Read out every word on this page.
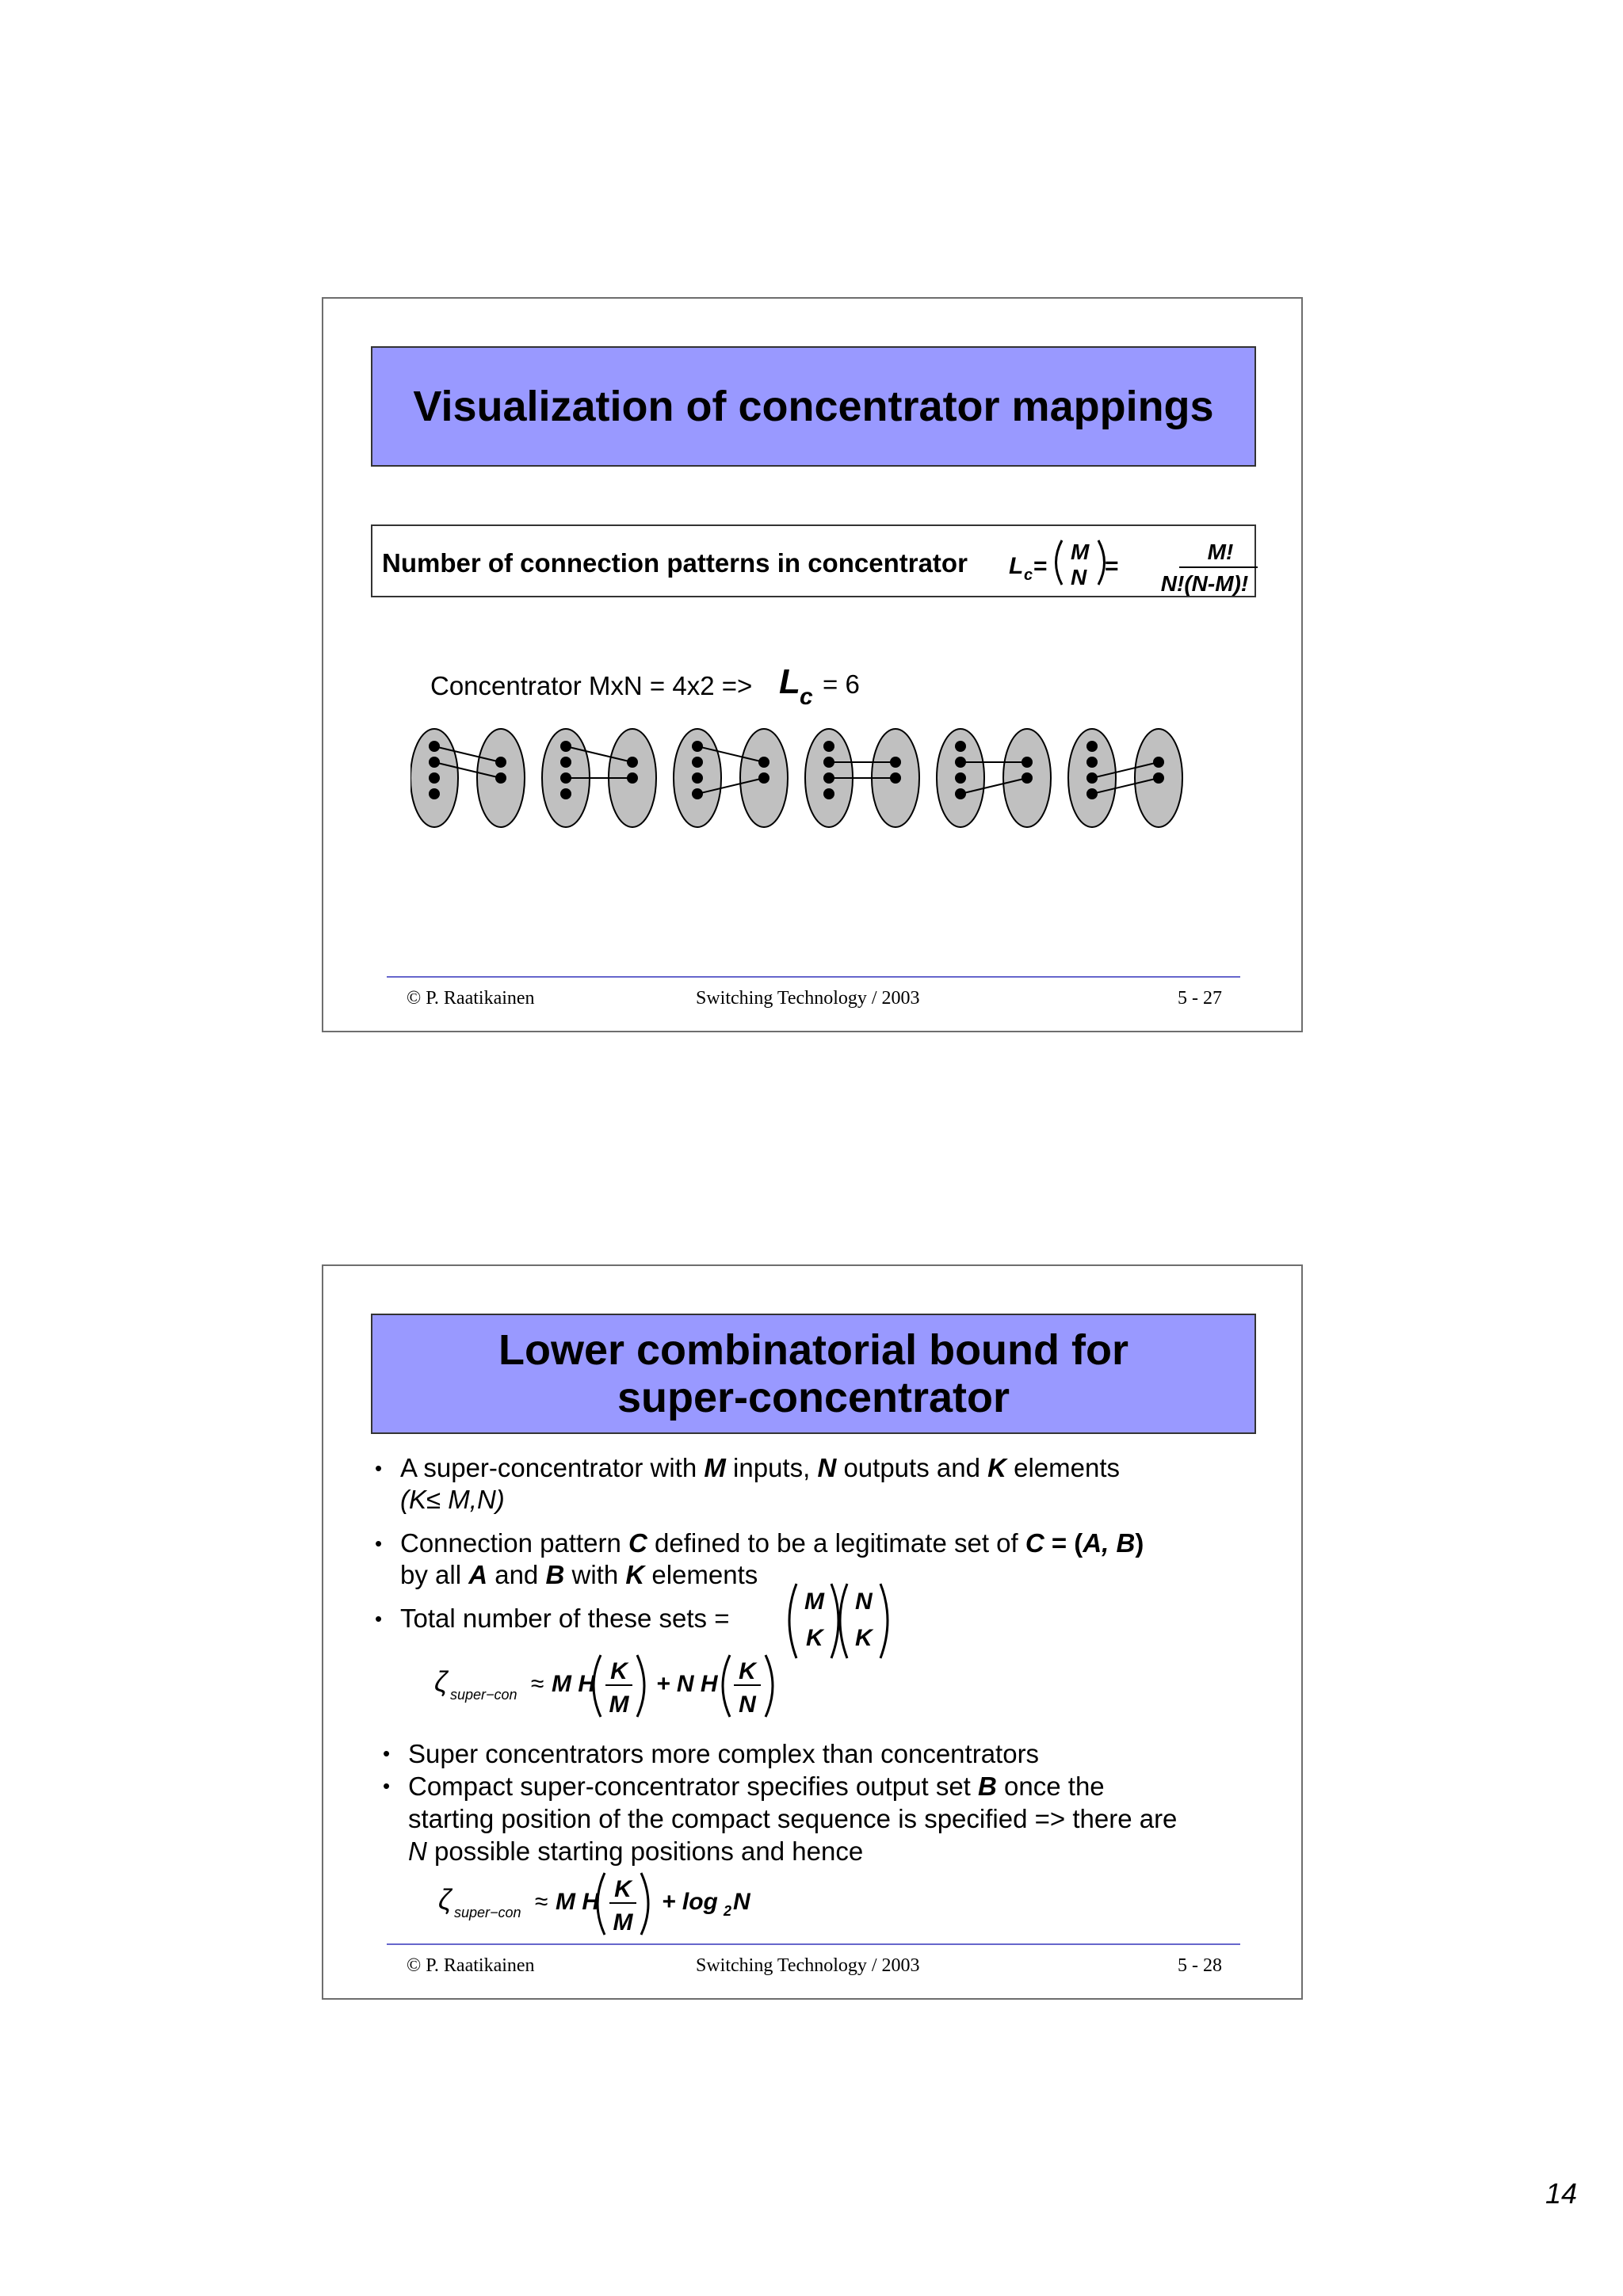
Visualization of concentrator mappings
Number of connection patterns in concentrator L c =
M
N =
M!
N!(N-M)!
Concentrator MxN = 4x2 => L c = 6
© P. Raatikainen	Switching Technology / 2003	5 - 27
Lower combinatorial bound for
super-concentrator
• A super-concentrator with M inputs, N outputs and K elements
(K≤ M,N)
• Connection pattern C defined to be a legitimate set of C = (A, B)
by all A and B with K elements
• Total number of these sets =
M
K
N
K
ζ super−con ≈ M H K
M
+ N H K
N
• Super concentrators more complex than concentrators
• Compact super-concentrator specifies output set B once the
starting position of the compact sequence is specified => there are
N possible starting positions and hence
ζ super−con ≈ M H K
M
+ log 2 N
© P. Raatikainen	Switching Technology / 2003	5 - 28
14
